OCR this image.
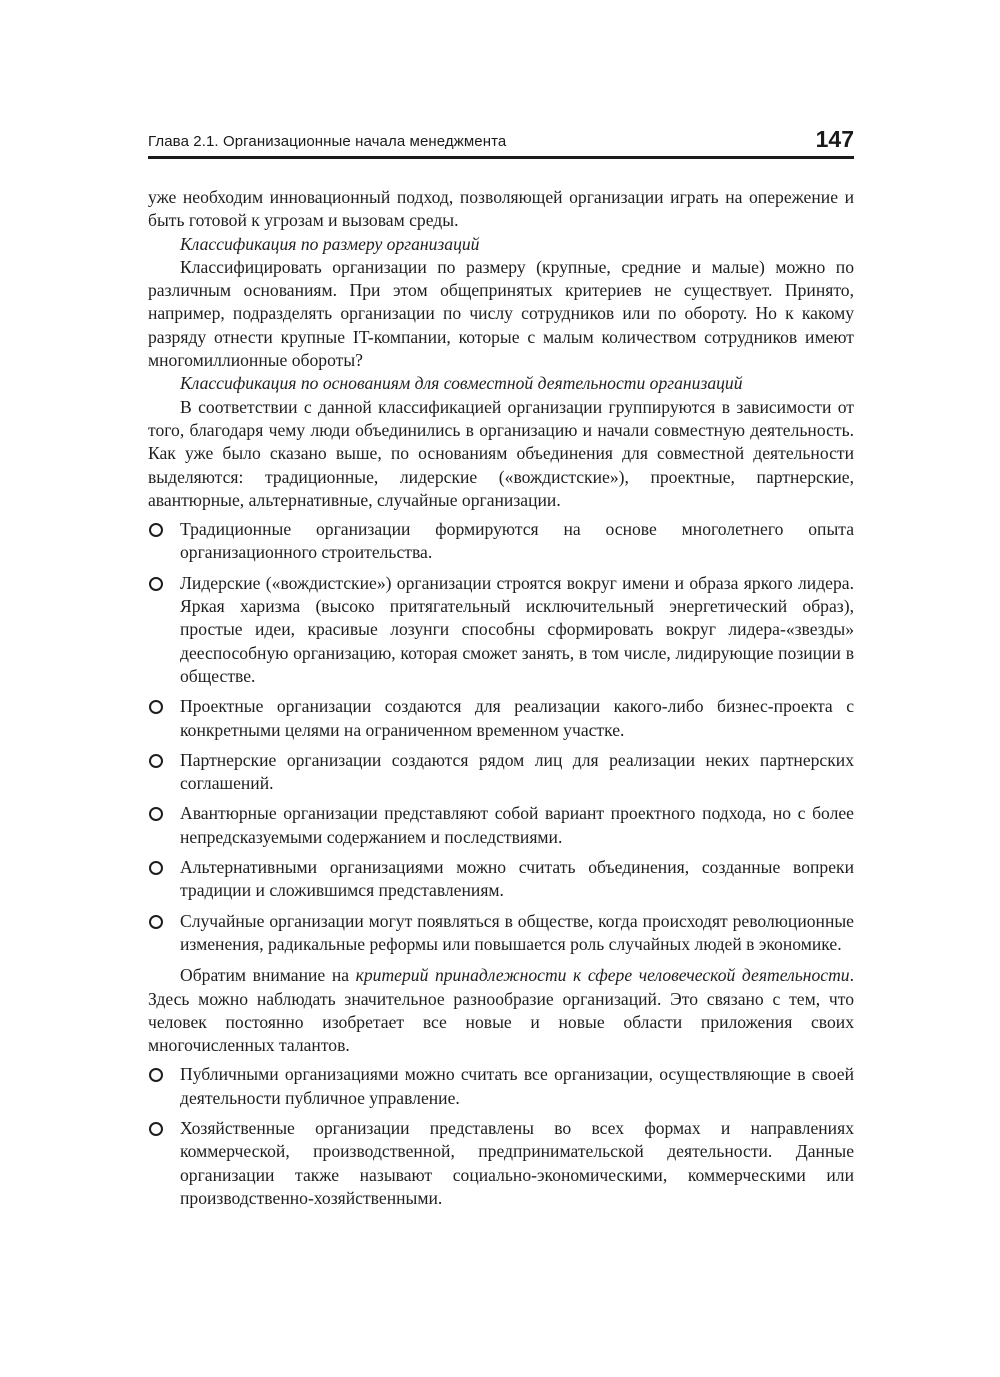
Глава 2.1. Организационные начала менеджмента	147

уже необходим инновационный подход, позволяющей организации играть на опережение и быть готовой к угрозам и вызовам среды.

Классификация по размеру организаций

Классифицировать организации по размеру (крупные, средние и малые) можно по различным основаниям. При этом общепринятых критериев не существует. Принято, например, подразделять организации по числу сотрудников или по обороту. Но к какому разряду отнести крупные IT-компании, которые с малым количеством сотрудников имеют многомиллионные обороты?

Классификация по основаниям для совместной деятельности организаций

В соответствии с данной классификацией организации группируются в зависимости от того, благодаря чему люди объединились в организацию и начали совместную деятельность. Как уже было сказано выше, по основаниям объединения для совместной деятельности выделяются: традиционные, лидерские («вождистские»), проектные, партнерские, авантюрные, альтернативные, случайные организации.

Традиционные организации формируются на основе многолетнего опыта организационного строительства.
Лидерские («вождистские») организации строятся вокруг имени и образа яркого лидера. Яркая харизма (высоко притягательный исключительный энергетический образ), простые идеи, красивые лозунги способны сформировать вокруг лидера-«звезды» дееспособную организацию, которая сможет занять, в том числе, лидирующие позиции в обществе.
Проектные организации создаются для реализации какого-либо бизнес-проекта с конкретными целями на ограниченном временном участке.
Партнерские организации создаются рядом лиц для реализации неких партнерских соглашений.
Авантюрные организации представляют собой вариант проектного подхода, но с более непредсказуемыми содержанием и последствиями.
Альтернативными организациями можно считать объединения, созданные вопреки традиции и сложившимся представлениям.
Случайные организации могут появляться в обществе, когда происходят революционные изменения, радикальные реформы или повышается роль случайных людей в экономике.

Обратим внимание на критерий принадлежности к сфере человеческой деятельности. Здесь можно наблюдать значительное разнообразие организаций. Это связано с тем, что человек постоянно изобретает все новые и новые области приложения своих многочисленных талантов.

Публичными организациями можно считать все организации, осуществляющие в своей деятельности публичное управление.
Хозяйственные организации представлены во всех формах и направлениях коммерческой, производственной, предпринимательской деятельности. Данные организации также называют социально-экономическими, коммерческими или производственно-хозяйственными.
